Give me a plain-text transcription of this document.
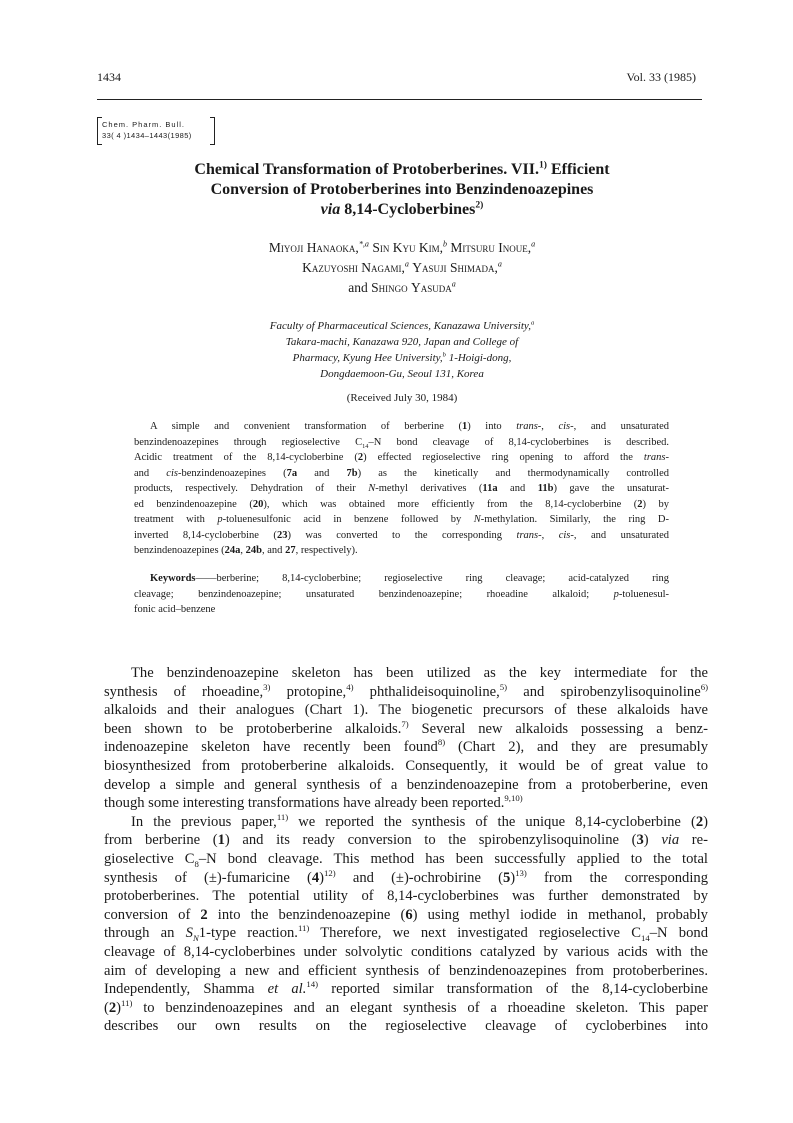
1434	Vol. 33 (1985)
Chem. Pharm. Bull.
33( 4 )1434–1443(1985)
Chemical Transformation of Protoberberines. VII.$^{1)}$ Efficient
Conversion of Protoberberines into Benzindenoazepines
via 8,14-Cycloberbines$^{2)}$
Miyoji Hanaoka,$^{*,a}$ Sin Kyu Kim,$^b$ Mitsuru Inoue,$^a$
Kazuyoshi Nagami,$^a$ Yasuji Shimada,$^a$
and Shingo Yasuda$^a$
Faculty of Pharmaceutical Sciences, Kanazawa University,$^a$
Takara-machi, Kanazawa 920, Japan and College of
Pharmacy, Kyung Hee University,$^b$ 1-Hoigi-dong,
Dongdaemoon-Gu, Seoul 131, Korea
(Received July 30, 1984)
A simple and convenient transformation of berberine (1) into trans-, cis-, and unsaturated
benzindenoazepines through regioselective $C_{14}-N$ bond cleavage of 8,14-cycloberbines is described.
Acidic treatment of the 8,14-cycloberbine (2) effected regioselective ring opening to afford the trans-
and cis-benzindenoazepines (7a and 7b) as the kinetically and thermodynamically controlled
products, respectively. Dehydration of their N-methyl derivatives (11a and 11b) gave the unsaturat-
ed benzindenoazepine (20), which was obtained more efficiently from the 8,14-cycloberbine (2) by
treatment with p-toluenesulfonic acid in benzene followed by N-methylation. Similarly, the ring D-
inverted 8,14-cycloberbine (23) was converted to the corresponding trans-, cis-, and unsaturated
benzindenoazepines (24a, 24b, and 27, respectively).
Keywords——berberine; 8,14-cycloberbine; regioselective ring cleavage; acid-catalyzed ring
cleavage; benzindenoazepine; unsaturated benzindenoazepine; rhoeadine alkaloid; p-toluenesul-
fonic acid–benzene
The benzindenoazepine skeleton has been utilized as the key intermediate for the
synthesis of rhoeadine,$^{3)}$ protopine,$^{4)}$ phthalideisoquinoline,$^{5)}$ and spirobenzylisoquinoline$^{6)}$
alkaloids and their analogues (Chart 1). The biogenetic precursors of these alkaloids have
been shown to be protoberberine alkaloids.$^{7)}$ Several new alkaloids possessing a benz-
indenoazepine skeleton have recently been found$^{8)}$ (Chart 2), and they are presumably
biosynthesized from protoberberine alkaloids. Consequently, it would be of great value to
develop a simple and general synthesis of a benzindenoazepine from a protoberberine, even
though some interesting transformations have already been reported.$^{9,10)}$
In the previous paper,$^{11)}$ we reported the synthesis of the unique 8,14-cycloberbine (2)
from berberine (1) and its ready conversion to the spirobenzylisoquinoline (3) via re-
gioselective $C_8-N$ bond cleavage. This method has been successfully applied to the total
synthesis of (±)-fumaricine $(4)^{12)}$ and (±)-ochrobirine $(5)^{13)}$ from the corresponding
protoberberines. The potential utility of 8,14-cycloberbines was further demonstrated by
conversion of 2 into the benzindenoazepine (6) using methyl iodide in methanol, probably
through an $S_N1$-type reaction.$^{11)}$ Therefore, we next investigated regioselective $C_{14}-N$ bond
cleavage of 8,14-cycloberbines under solvolytic conditions catalyzed by various acids with the
aim of developing a new and efficient synthesis of benzindenoazepines from protoberberines.
Independently, Shamma et al.$^{14)}$ reported similar transformation of the 8,14-cycloberbine
$(2)^{11)}$ to benzindenoazepines and an elegant synthesis of a rhoeadine skeleton. This paper
describes our own results on the regioselective cleavage of cycloberbines into
